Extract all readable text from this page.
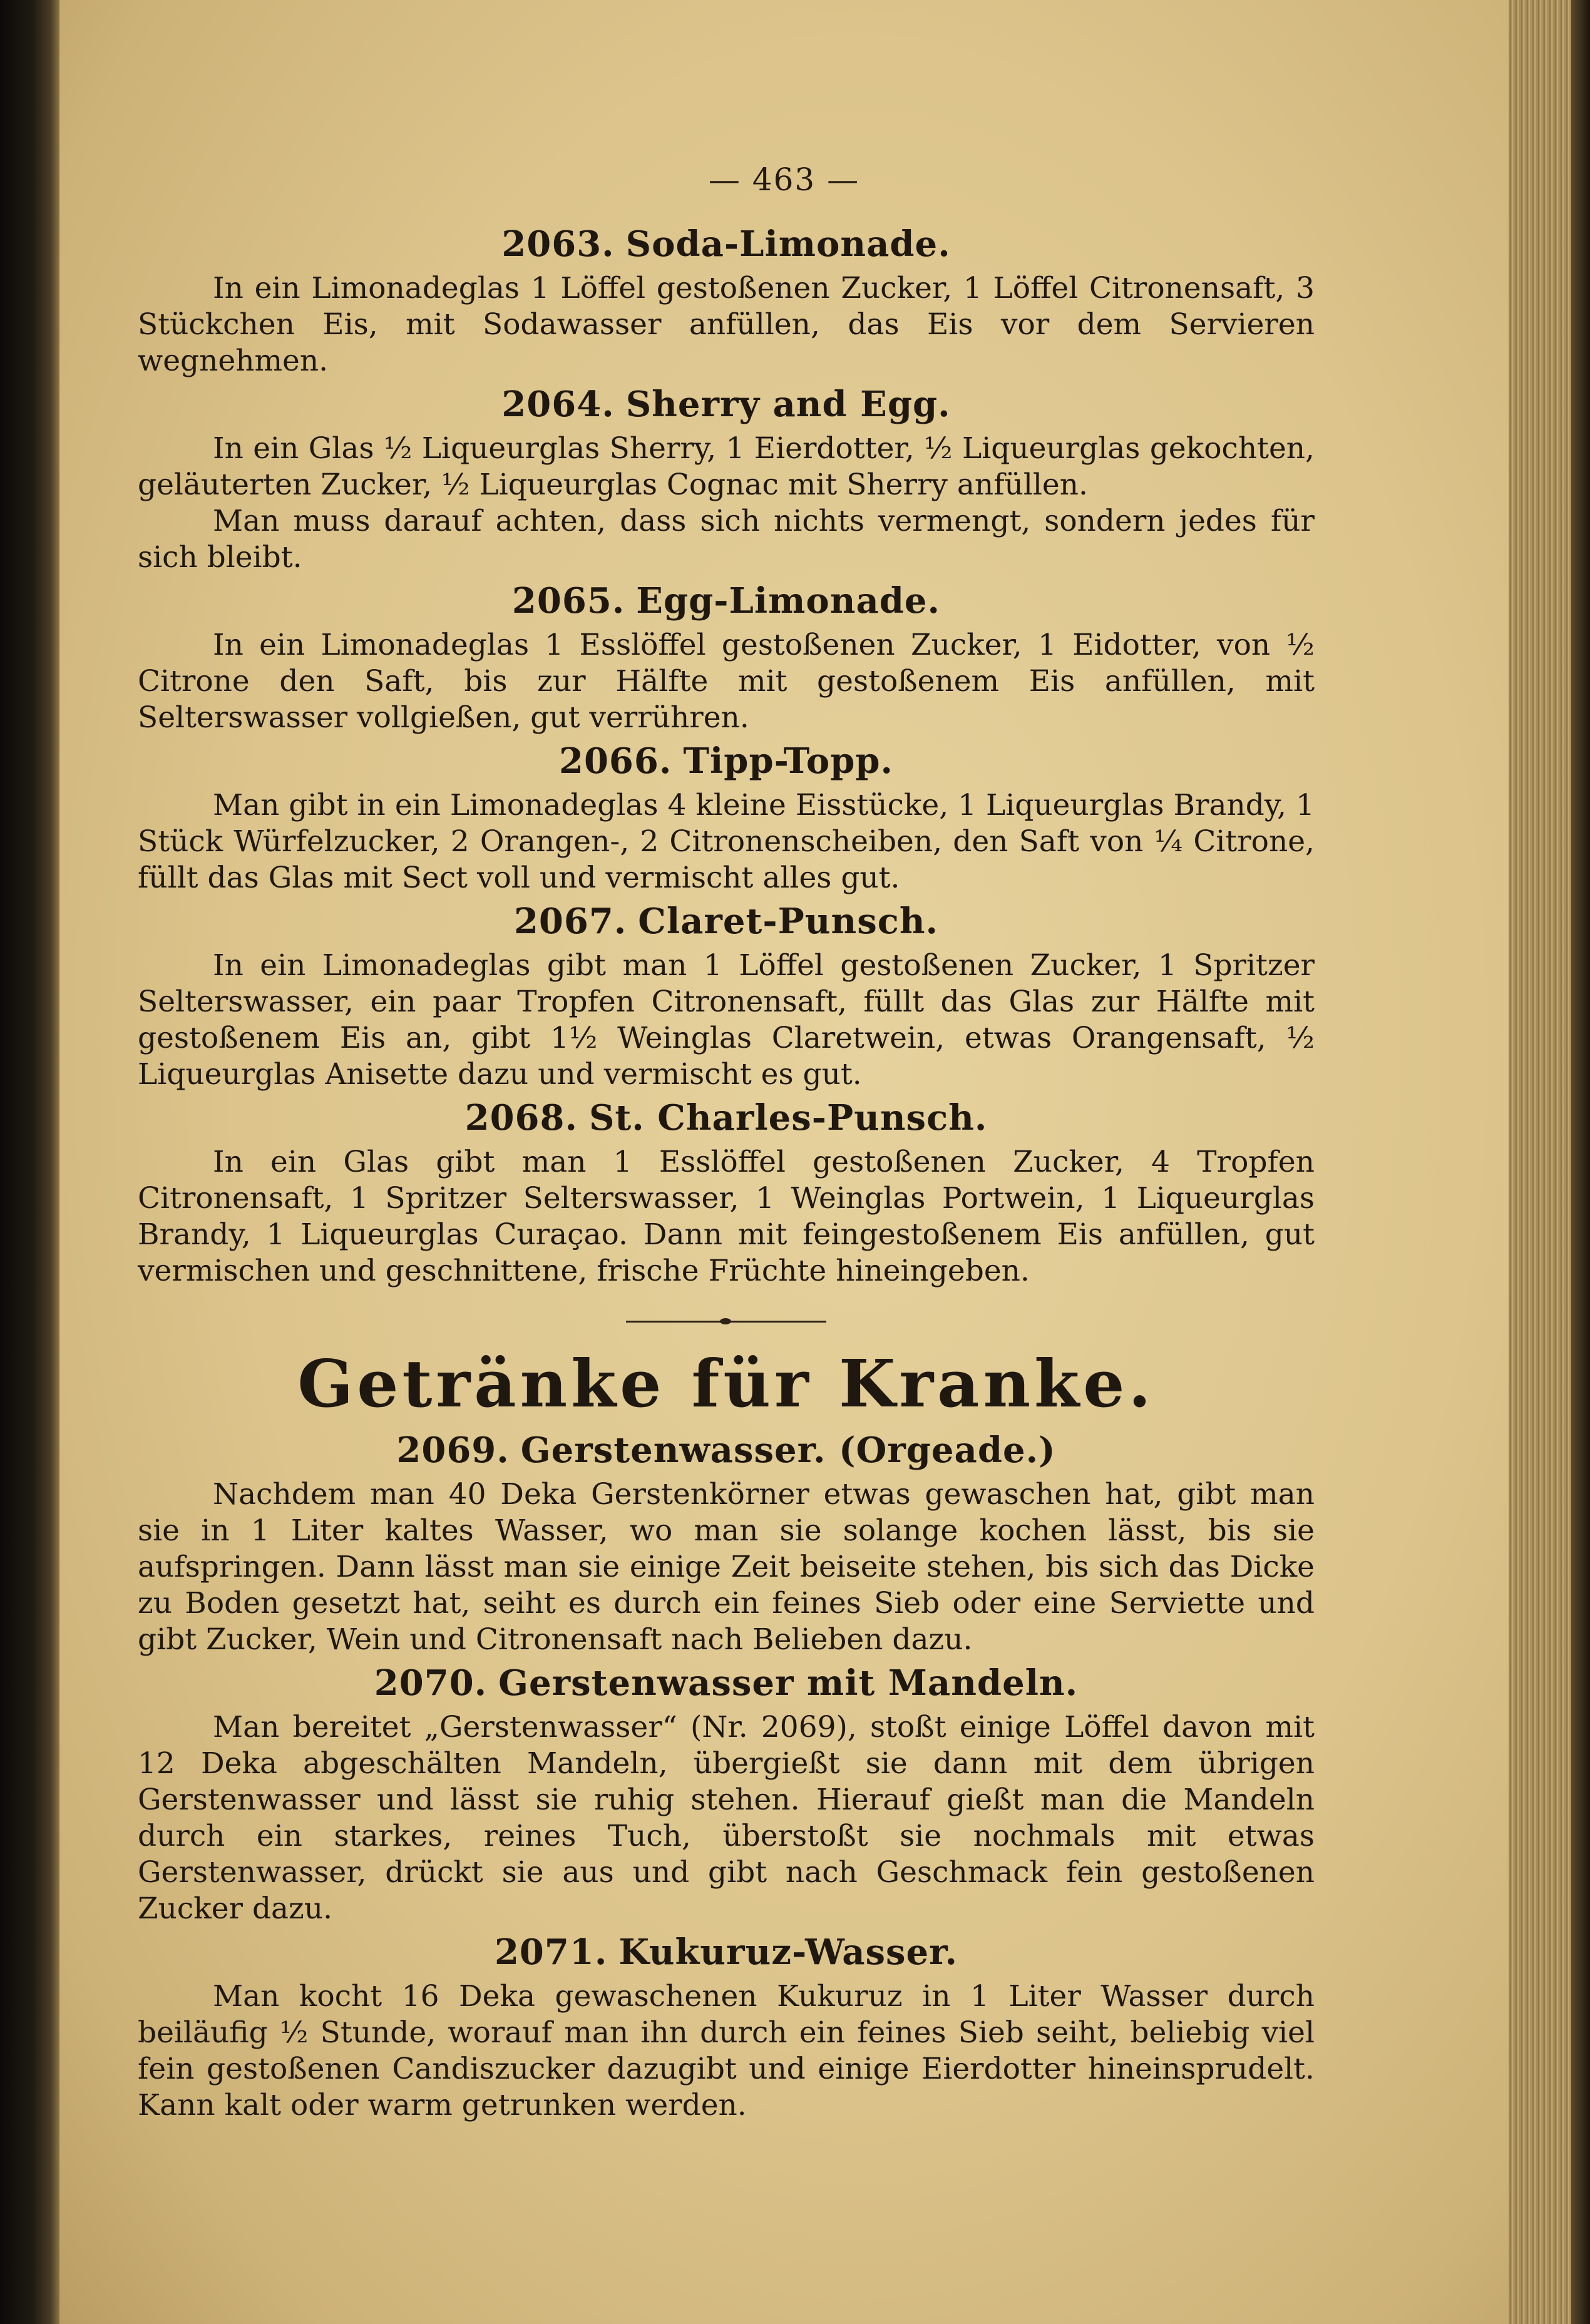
— 463 —
2063. Soda-Limonade.

In ein Limonadeglas 1 Löffel gestoßenen Zucker, 1 Löffel Citronensaft, 3 Stückchen Eis, mit Sodawasser anfüllen, das Eis vor dem Servieren wegnehmen.

2064. Sherry and Egg.

In ein Glas ½ Liqueurglas Sherry, 1 Eierdotter, ½ Liqueurglas gekochten, geläuterten Zucker, ½ Liqueurglas Cognac mit Sherry anfüllen.

Man muss darauf achten, dass sich nichts vermengt, sondern jedes für sich bleibt.

2065. Egg-Limonade.

In ein Limonadeglas 1 Esslöffel gestoßenen Zucker, 1 Eidotter, von ½ Citrone den Saft, bis zur Hälfte mit gestoßenem Eis anfüllen, mit Selterswasser vollgießen, gut verrühren.

2066. Tipp-Topp.

Man gibt in ein Limonadeglas 4 kleine Eisstücke, 1 Liqueurglas Brandy, 1 Stück Würfelzucker, 2 Orangen-, 2 Citronenscheiben, den Saft von ¼ Citrone, füllt das Glas mit Sect voll und vermischt alles gut.

2067. Claret-Punsch.

In ein Limonadeglas gibt man 1 Löffel gestoßenen Zucker, 1 Spritzer Selterswasser, ein paar Tropfen Citronensaft, füllt das Glas zur Hälfte mit gestoßenem Eis an, gibt 1½ Weinglas Claretwein, etwas Orangensaft, ½ Liqueurglas Anisette dazu und vermischt es gut.

2068. St. Charles-Punsch.

In ein Glas gibt man 1 Esslöffel gestoßenen Zucker, 4 Tropfen Citronensaft, 1 Spritzer Selterswasser, 1 Weinglas Portwein, 1 Liqueurglas Brandy, 1 Liqueurglas Curaçao. Dann mit feingestoßenem Eis anfüllen, gut vermischen und geschnittene, frische Früchte hineingeben.

Getränke für Kranke.
2069. Gerstenwasser. (Orgeade.)

Nachdem man 40 Deka Gerstenkörner etwas gewaschen hat, gibt man sie in 1 Liter kaltes Wasser, wo man sie solange kochen lässt, bis sie aufspringen. Dann lässt man sie einige Zeit beiseite stehen, bis sich das Dicke zu Boden gesetzt hat, seiht es durch ein feines Sieb oder eine Serviette und gibt Zucker, Wein und Citronensaft nach Belieben dazu.

2070. Gerstenwasser mit Mandeln.

Man bereitet „Gerstenwasser“ (Nr. 2069), stoßt einige Löffel davon mit 12 Deka abgeschälten Mandeln, übergießt sie dann mit dem übrigen Gerstenwasser und lässt sie ruhig stehen. Hierauf gießt man die Mandeln durch ein starkes, reines Tuch, überstoßt sie nochmals mit etwas Gerstenwasser, drückt sie aus und gibt nach Geschmack fein gestoßenen Zucker dazu.

2071. Kukuruz-Wasser.

Man kocht 16 Deka gewaschenen Kukuruz in 1 Liter Wasser durch beiläufig ½ Stunde, worauf man ihn durch ein feines Sieb seiht, beliebig viel fein gestoßenen Candiszucker dazugibt und einige Eierdotter hineinsprudelt. Kann kalt oder warm getrunken werden.
